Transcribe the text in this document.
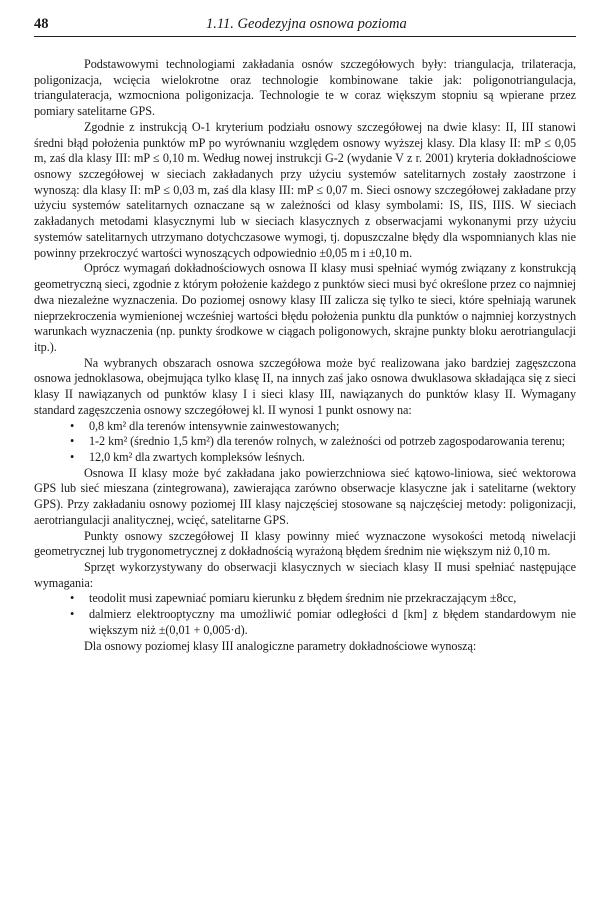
48	1.11. Geodezyjna osnowa pozioma

Podstawowymi technologiami zakładania osnów szczegółowych były: triangulacja, trilateracja, poligonizacja, wcięcia wielokrotne oraz technologie kombinowane takie jak: poligonotriangulacja, triangulateracja, wzmocniona poligonizacja. Technologie te w coraz większym stopniu są wpierane przez pomiary satelitarne GPS.

Zgodnie z instrukcją O-1 kryterium podziału osnowy szczegółowej na dwie klasy: II, III stanowi średni błąd położenia punktów mP po wyrównaniu względem osnowy wyższej klasy. Dla klasy II: mP ≤ 0,05 m, zaś dla klasy III: mP ≤ 0,10 m. Według nowej instrukcji G-2 (wydanie V z r. 2001) kryteria dokładnościowe osnowy szczegółowej w sieciach zakładanych przy użyciu systemów satelitarnych zostały zaostrzone i wynoszą: dla klasy II: mP ≤ 0,03 m, zaś dla klasy III: mP ≤ 0,07 m. Sieci osnowy szczegółowej zakładane przy użyciu systemów satelitarnych oznaczane są w zależności od klasy symbolami: IS, IIS, IIIS. W sieciach zakładanych metodami klasycznymi lub w sieciach klasycznych z obserwacjami wykonanymi przy użyciu systemów satelitarnych utrzymano dotychczasowe wymogi, tj. dopuszczalne błędy dla wspomnianych klas nie powinny przekroczyć wartości wynoszących odpowiednio ±0,05 m i ±0,10 m.

Oprócz wymagań dokładnościowych osnowa II klasy musi spełniać wymóg związany z konstrukcją geometryczną sieci, zgodnie z którym położenie każdego z punktów sieci musi być określone przez co najmniej dwa niezależne wyznaczenia. Do poziomej osnowy klasy III zalicza się tylko te sieci, które spełniają warunek nieprzekroczenia wymienionej wcześniej wartości błędu położenia punktu dla punktów o najmniej korzystnych warunkach wyznaczenia (np. punkty środkowe w ciągach poligonowych, skrajne punkty bloku aerotriangulacji itp.).

Na wybranych obszarach osnowa szczegółowa może być realizowana jako bardziej zagęszczona osnowa jednoklasowa, obejmująca tylko klasę II, na innych zaś jako osnowa dwuklasowa składająca się z sieci klasy II nawiązanych od punktów klasy I i sieci klasy III, nawiązanych do punktów klasy II. Wymagany standard zagęszczenia osnowy szczegółowej kl. II wynosi 1 punkt osnowy na:

• 0,8 km² dla terenów intensywnie zainwestowanych;
• 1-2 km² (średnio 1,5 km²) dla terenów rolnych, w zależności od potrzeb zagospodarowania terenu;
• 12,0 km² dla zwartych kompleksów leśnych.

Osnowa II klasy może być zakładana jako powierzchniowa sieć kątowo-liniowa, sieć wektorowa GPS lub sieć mieszana (zintegrowana), zawierająca zarówno obserwacje klasyczne jak i satelitarne (wektory GPS). Przy zakładaniu osnowy poziomej III klasy najczęściej stosowane są najczęściej metody: poligonizacji, aerotriangulacji analitycznej, wcięć, satelitarne GPS.

Punkty osnowy szczegółowej II klasy powinny mieć wyznaczone wysokości metodą niwelacji geometrycznej lub trygonometrycznej z dokładnością wyrażoną błędem średnim nie większym niż 0,10 m.

Sprzęt wykorzystywany do obserwacji klasycznych w sieciach klasy II musi spełniać następujące wymagania:

• teodolit musi zapewniać pomiaru kierunku z błędem średnim nie przekraczającym ±8cc,
• dalmierz elektrooptyczny ma umożliwić pomiar odległości d [km] z błędem standardowym nie większym niż ±(0,01 + 0,005·d).

Dla osnowy poziomej klasy III analogiczne parametry dokładnościowe wynoszą:
